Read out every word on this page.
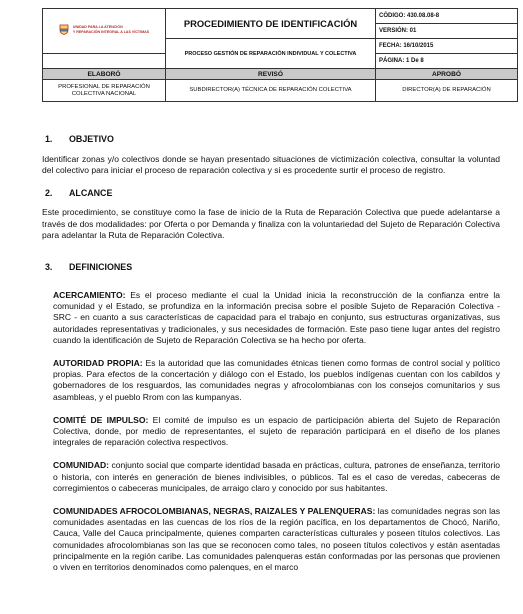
UNIDAD PARA LA ATENCIÓN
Y REPARACIÓN INTEGRAL A LAS VÍCTIMAS	PROCEDIMIENTO DE IDENTIFICACIÓN	CÓDIGO: 430.08.08-8
		VERSIÓN: 01
	PROCESO GESTIÓN DE REPARACIÓN INDIVIDUAL Y COLECTIVA	FECHA: 16/10/2015
		PÁGINA: 1 De 8
ELABORÓ	REVISÓ	APROBÓ

PROFESIONAL DE REPARACIÓN
COLECTIVA NACIONAL	SUBDIRECTOR(A) TÉCNICA DE REPARACIÓN COLECTIVA	DIRECTOR(A) DE REPARACIÓN
1.	OBJETIVO

Identificar zonas y/o colectivos donde se hayan presentado situaciones de victimización colectiva, consultar la voluntad del colectivo para iniciar el proceso de reparación colectiva y si es procedente surtir el proceso de registro.

2.	ALCANCE

Este procedimiento, se constituye como la fase de inicio de la Ruta de Reparación Colectiva que puede adelantarse a través de dos modalidades: por Oferta o por Demanda y finaliza con la voluntariedad del Sujeto de Reparación Colectiva para adelantar la Ruta de Reparación Colectiva.

3.	DEFINICIONES

ACERCAMIENTO: Es el proceso mediante el cual la Unidad inicia la reconstrucción de la confianza entre la comunidad y el Estado, se profundiza en la información precisa sobre el posible Sujeto de Reparación Colectiva - SRC - en cuanto a sus características de capacidad para el trabajo en conjunto, sus estructuras organizativas, sus autoridades representativas y tradicionales, y sus necesidades de formación. Este paso tiene lugar antes del registro cuando la identificación de Sujeto de Reparación Colectiva se ha hecho por oferta.

AUTORIDAD PROPIA: Es la autoridad que las comunidades étnicas tienen como formas de control social y político propias. Para efectos de la concertación y diálogo con el Estado, los pueblos indígenas cuentan con los cabildos y gobernadores de los resguardos, las comunidades negras y afrocolombianas con los consejos comunitarios y sus asambleas, y el pueblo Rrom con las kumpanyas.

COMITÉ DE IMPULSO: El comité de impulso es un espacio de participación abierta del Sujeto de Reparación Colectiva, donde, por medio de representantes, el sujeto de reparación participará en el diseño de los planes integrales de reparación colectiva respectivos.

COMUNIDAD: conjunto social que comparte identidad basada en prácticas, cultura, patrones de enseñanza, territorio o historia, con interés en generación de bienes indivisibles, o públicos. Tal es el caso de veredas, cabeceras de corregimientos o cabeceras municipales, de arraigo claro y conocido por sus habitantes.

COMUNIDADES AFROCOLOMBIANAS, NEGRAS, RAIZALES Y PALENQUERAS: las comunidades negras son las comunidades asentadas en las cuencas de los ríos de la región pacífica, en los departamentos de Chocó, Nariño, Cauca, Valle del Cauca principalmente, quienes comparten características culturales y poseen títulos colectivos. Las comunidades afrocolombianas son las que se reconocen como tales, no poseen títulos colectivos y están asentadas principalmente en la región caribe. Las comunidades palenqueras están conformadas por las personas que provienen o viven en territorios denominados como palenques, en el marco
